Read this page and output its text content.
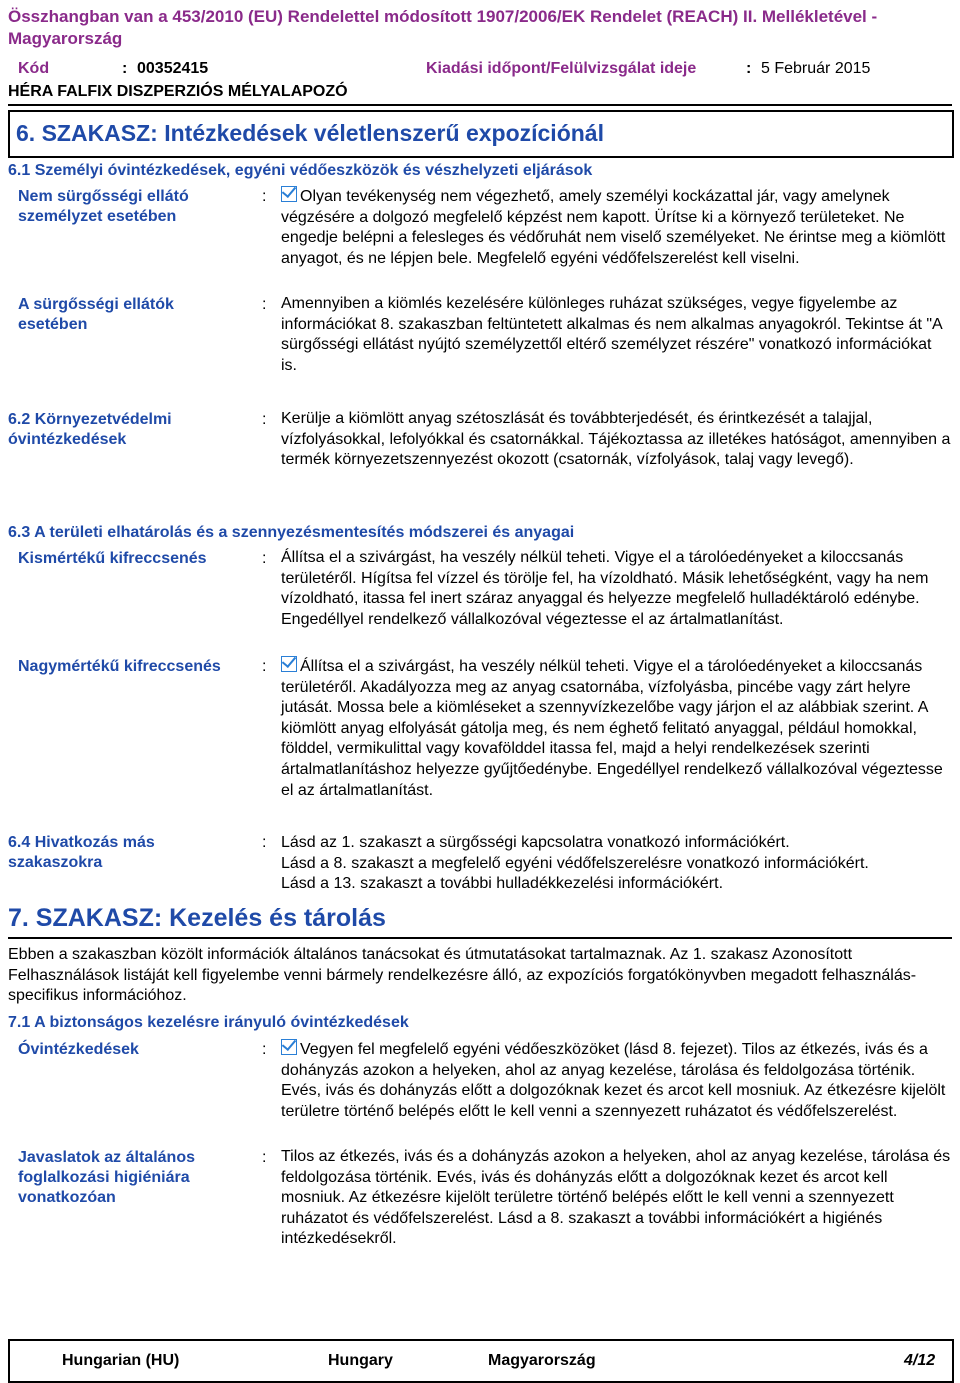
Összhangban van a 453/2010 (EU) Rendelettel módosított 1907/2006/EK Rendelet (REACH) II. Mellékletével - Magyarország
Kód	: 00352415	Kiadási időpont/Felülvizsgálat ideje	: 5 Február 2015
HÉRA FALFIX DISZPERZIÓS MÉLYALAPOZÓ
6. SZAKASZ: Intézkedések véletlenszerű expozíciónál
6.1 Személyi óvintézkedések, egyéni védőeszközök és vészhelyzeti eljárások
Nem sürgősségi ellátó személyzet esetében
:	Olyan tevékenység nem végezhető, amely személyi kockázattal jár, vagy amelynek végzésére a dolgozó megfelelő képzést nem kapott. Ürítse ki a környező területeket. Ne engedje belépni a felesleges és védőruhát nem viselő személyeket. Ne érintse meg a kiömlött anyagot, és ne lépjen bele. Megfelelő egyéni védőfelszerelést kell viselni.
A sürgősségi ellátók esetében
: Amennyiben a kiömlés kezelésére különleges ruházat szükséges, vegye figyelembe az információkat 8. szakaszban feltüntetett alkalmas és nem alkalmas anyagokról. Tekintse át "A sürgősségi ellátást nyújtó személyzettől eltérő személyzet részére" vonatkozó információkat is.
6.2 Környezetvédelmi óvintézkedések
: Kerülje a kiömlött anyag szétoszlását és továbbterjedését, és érintkezését a talajjal, vízfolyásokkal, lefolyókkal és csatornákkal. Tájékoztassa az illetékes hatóságot, amennyiben a termék környezetszennyezést okozott (csatornák, vízfolyások, talaj vagy levegő).
6.3 A területi elhatárolás és a szennyezésmentesítés módszerei és anyagai
Kismértékű kifreccsenés	: Állítsa el a szivárgást, ha veszély nélkül teheti. Vigye el a tárolóedényeket a kiloccsanás területéről. Hígítsa fel vízzel és törölje fel, ha vízoldható. Másik lehetőségként, vagy ha nem vízoldható, itassa fel inert száraz anyaggal és helyezze megfelelő hulladéktároló edénybe. Engedéllyel rendelkező vállalkozóval végeztesse el az ártalmatlanítást.
Nagymértékű kifreccsenés	:	Állítsa el a szivárgást, ha veszély nélkül teheti. Vigye el a tárolóedényeket a kiloccsanás területéről. Akadályozza meg az anyag csatornába, vízfolyásba, pincébe vagy zárt helyre jutását. Mossa bele a kiömléseket a szennyvízkezelőbe vagy járjon el az alábbiak szerint. A kiömlött anyag elfolyását gátolja meg, és nem éghető felitató anyaggal, például homokkal, földdel, vermikulittal vagy kovafölddel itassa fel, majd a helyi rendelkezések szerinti ártalmatlanításhoz helyezze gyűjtőedénybe. Engedéllyel rendelkező vállalkozóval végeztesse el az ártalmatlanítást.
6.4 Hivatkozás más szakaszokra
: Lásd az 1. szakaszt a sürgősségi kapcsolatra vonatkozó információkért.
Lásd a 8. szakaszt a megfelelő egyéni védőfelszerelésre vonatkozó információkért.
Lásd a 13. szakaszt a további hulladékkezelési információkért.
7. SZAKASZ: Kezelés és tárolás
Ebben a szakaszban közölt információk általános tanácsokat és útmutatásokat tartalmaznak. Az 1. szakasz Azonosított Felhasználások listáját kell figyelembe venni bármely rendelkezésre álló, az expozíciós forgatókönyvben megadott felhasználás-specifikus információhoz.
7.1 A biztonságos kezelésre irányuló óvintézkedések
Óvintézkedések	:	Vegyen fel megfelelő egyéni védőeszközöket (lásd 8. fejezet). Tilos az étkezés, ivás és a dohányzás azokon a helyeken, ahol az anyag kezelése, tárolása és feldolgozása történik. Evés, ivás és dohányzás előtt a dolgozóknak kezet és arcot kell mosniuk. Az étkezésre kijelölt területre történő belépés előtt le kell venni a szennyezett ruházatot és védőfelszerelést.
Javaslatok az általános foglalkozási higiéniára vonatkozóan
: Tilos az étkezés, ivás és a dohányzás azokon a helyeken, ahol az anyag kezelése, tárolása és feldolgozása történik. Evés, ivás és dohányzás előtt a dolgozóknak kezet és arcot kell mosniuk. Az étkezésre kijelölt területre történő belépés előtt le kell venni a szennyezett ruházatot és védőfelszerelést. Lásd a 8. szakaszt a további információkért a higiénés intézkedésekről.
Hungarian (HU)	Hungary	Magyarország	4/12
